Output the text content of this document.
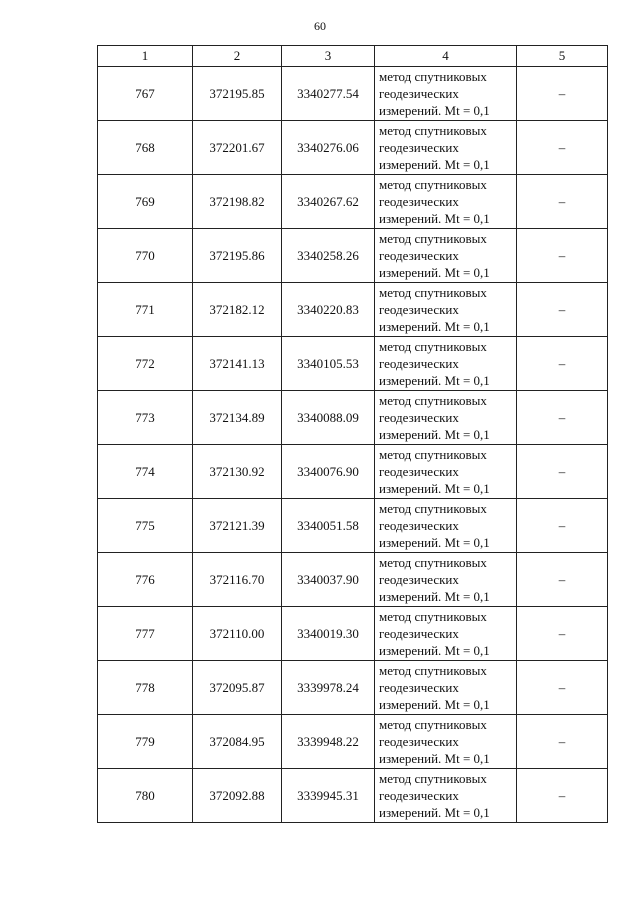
60
1	2	3	4	5
767	372195.85	3340277.54	метод спутниковых
геодезических
измерений. Mt = 0,1	–
768	372201.67	3340276.06	метод спутниковых
геодезических
измерений. Mt = 0,1	–
769	372198.82	3340267.62	метод спутниковых
геодезических
измерений. Mt = 0,1	–
770	372195.86	3340258.26	метод спутниковых
геодезических
измерений. Mt = 0,1	–
771	372182.12	3340220.83	метод спутниковых
геодезических
измерений. Mt = 0,1	–
772	372141.13	3340105.53	метод спутниковых
геодезических
измерений. Mt = 0,1	–
773	372134.89	3340088.09	метод спутниковых
геодезических
измерений. Mt = 0,1	–
774	372130.92	3340076.90	метод спутниковых
геодезических
измерений. Mt = 0,1	–
775	372121.39	3340051.58	метод спутниковых
геодезических
измерений. Mt = 0,1	–
776	372116.70	3340037.90	метод спутниковых
геодезических
измерений. Mt = 0,1	–
777	372110.00	3340019.30	метод спутниковых
геодезических
измерений. Mt = 0,1	–
778	372095.87	3339978.24	метод спутниковых
геодезических
измерений. Mt = 0,1	–
779	372084.95	3339948.22	метод спутниковых
геодезических
измерений. Mt = 0,1	–
780	372092.88	3339945.31	метод спутниковых
геодезических
измерений. Mt = 0,1	–
